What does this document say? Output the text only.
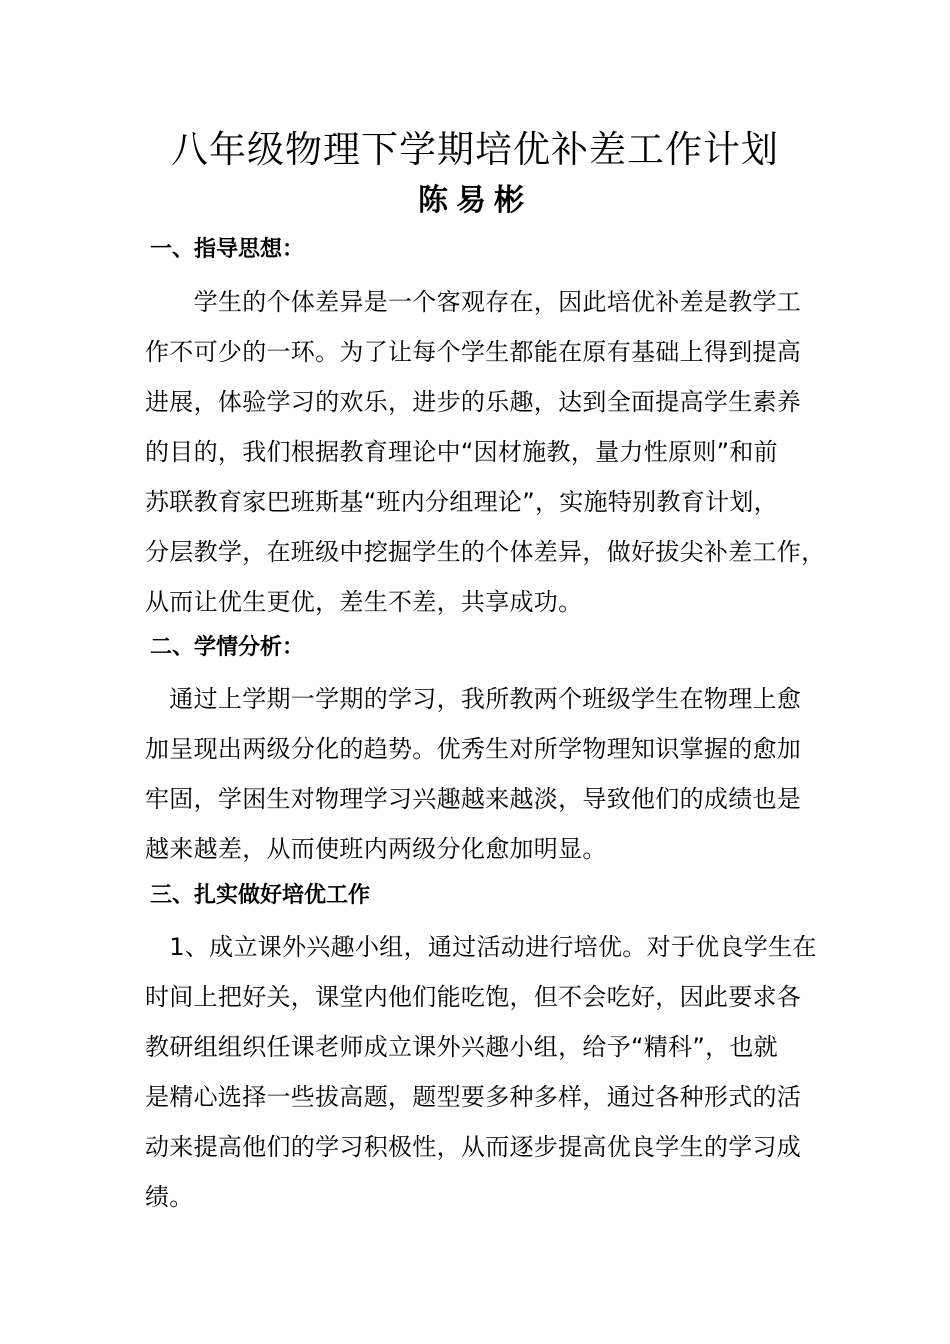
八年级物理下学期培优补差工作计划
陈易彬
一、指导思想：
　　学生的个体差异是一个客观存在，因此培优补差是教学工
作不可少的一环。为了让每个学生都能在原有基础上得到提高
进展，体验学习的欢乐，进步的乐趣，达到全面提高学生素养
的目的，我们根据教育理论中“因材施教，量力性原则”和前
苏联教育家巴班斯基“班内分组理论”，实施特别教育计划，
分层教学，在班级中挖掘学生的个体差异，做好拔尖补差工作，
从而让优生更优，差生不差，共享成功。
二、学情分析：
　通过上学期一学期的学习，我所教两个班级学生在物理上愈
加呈现出两级分化的趋势。优秀生对所学物理知识掌握的愈加
牢固，学困生对物理学习兴趣越来越淡，导致他们的成绩也是
越来越差，从而使班内两级分化愈加明显。
三、扎实做好培优工作
　1、成立课外兴趣小组，通过活动进行培优。对于优良学生在
时间上把好关，课堂内他们能吃饱，但不会吃好，因此要求各
教研组组织任课老师成立课外兴趣小组，给予“精科”，也就
是精心选择一些拔高题，题型要多种多样，通过各种形式的活
动来提高他们的学习积极性，从而逐步提高优良学生的学习成
绩。
